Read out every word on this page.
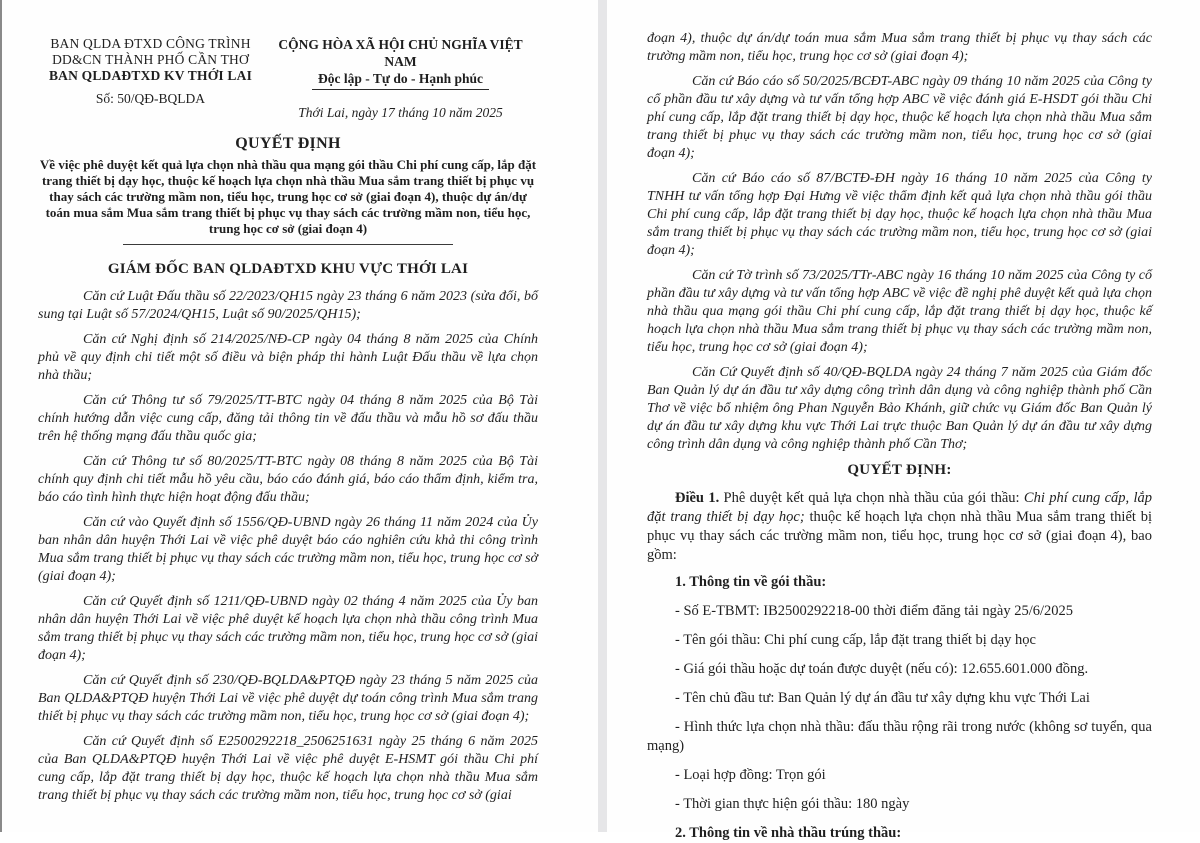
BAN QLDA ĐTXD CÔNG TRÌNH
DD&CN THÀNH PHỐ CẦN THƠ
BAN QLDAĐTXD KV THỚI LAI
Số: 50/QĐ-BQLDA
CỘNG HÒA XÃ HỘI CHỦ NGHĨA VIỆT NAM
Độc lập - Tự do - Hạnh phúc
Thới Lai, ngày 17 tháng 10 năm 2025
QUYẾT ĐỊNH
Về việc phê duyệt kết quả lựa chọn nhà thầu qua mạng gói thầu Chi phí cung cấp, lắp đặt trang thiết bị dạy học, thuộc kế hoạch lựa chọn nhà thầu Mua sắm trang thiết bị phục vụ thay sách các trường mầm non, tiểu học, trung học cơ sở (giai đoạn 4), thuộc dự án/dự toán mua sắm Mua sắm trang thiết bị phục vụ thay sách các trường mầm non, tiểu học, trung học cơ sở (giai đoạn 4)
GIÁM ĐỐC BAN QLDAĐTXD KHU VỰC THỚI LAI

Căn cứ Luật Đấu thầu số 22/2023/QH15 ngày 23 tháng 6 năm 2023 (sửa đổi, bổ sung tại Luật số 57/2024/QH15, Luật số 90/2025/QH15);

Căn cứ Nghị định số 214/2025/NĐ-CP ngày 04 tháng 8 năm 2025 của Chính phủ về quy định chi tiết một số điều và biện pháp thi hành Luật Đấu thầu về lựa chọn nhà thầu;

Căn cứ Thông tư số 79/2025/TT-BTC ngày 04 tháng 8 năm 2025 của Bộ Tài chính hướng dẫn việc cung cấp, đăng tải thông tin về đấu thầu và mẫu hồ sơ đấu thầu trên hệ thống mạng đấu thầu quốc gia;

Căn cứ Thông tư số 80/2025/TT-BTC ngày 08 tháng 8 năm 2025 của Bộ Tài chính quy định chi tiết mẫu hồ yêu cầu, báo cáo đánh giá, báo cáo thẩm định, kiểm tra, báo cáo tình hình thực hiện hoạt động đấu thầu;

Căn cứ vào Quyết định số 1556/QĐ-UBND ngày 26 tháng 11 năm 2024 của Ủy ban nhân dân huyện Thới Lai về việc phê duyệt báo cáo nghiên cứu khả thi công trình Mua sắm trang thiết bị phục vụ thay sách các trường mầm non, tiểu học, trung học cơ sở (giai đoạn 4);

Căn cứ Quyết định số 1211/QĐ-UBND ngày 02 tháng 4 năm 2025 của Ủy ban nhân dân huyện Thới Lai về việc phê duyệt kế hoạch lựa chọn nhà thầu công trình Mua sắm trang thiết bị phục vụ thay sách các trường mầm non, tiểu học, trung học cơ sở (giai đoạn 4);

Căn cứ Quyết định số 230/QĐ-BQLDA&PTQĐ ngày 23 tháng 5 năm 2025 của Ban QLDA&PTQĐ huyện Thới Lai về việc phê duyệt dự toán công trình Mua sắm trang thiết bị phục vụ thay sách các trường mầm non, tiểu học, trung học cơ sở (giai đoạn 4);

Căn cứ Quyết định số E2500292218_2506251631 ngày 25 tháng 6 năm 2025 của Ban QLDA&PTQĐ huyện Thới Lai về việc phê duyệt E-HSMT gói thầu Chi phí cung cấp, lắp đặt trang thiết bị dạy học, thuộc kế hoạch lựa chọn nhà thầu Mua sắm trang thiết bị phục vụ thay sách các trường mầm non, tiểu học, trung học cơ sở (giai

đoạn 4), thuộc dự án/dự toán mua sắm Mua sắm trang thiết bị phục vụ thay sách các trường mầm non, tiểu học, trung học cơ sở (giai đoạn 4);

Căn cứ Báo cáo số 50/2025/BCĐT-ABC ngày 09 tháng 10 năm 2025 của Công ty cổ phần đầu tư xây dựng và tư vấn tổng hợp ABC về việc đánh giá E-HSDT gói thầu Chi phí cung cấp, lắp đặt trang thiết bị dạy học, thuộc kế hoạch lựa chọn nhà thầu Mua sắm trang thiết bị phục vụ thay sách các trường mầm non, tiểu học, trung học cơ sở (giai đoạn 4);

Căn cứ Báo cáo số 87/BCTĐ-ĐH ngày 16 tháng 10 năm 2025 của Công ty TNHH tư vấn tổng hợp Đại Hưng về việc thẩm định kết quả lựa chọn nhà thầu gói thầu Chi phí cung cấp, lắp đặt trang thiết bị dạy học, thuộc kế hoạch lựa chọn nhà thầu Mua sắm trang thiết bị phục vụ thay sách các trường mầm non, tiểu học, trung học cơ sở (giai đoạn 4);

Căn cứ Tờ trình số 73/2025/TTr-ABC ngày 16 tháng 10 năm 2025 của Công ty cổ phần đầu tư xây dựng và tư vấn tổng hợp ABC về việc đề nghị phê duyệt kết quả lựa chọn nhà thầu qua mạng gói thầu Chi phí cung cấp, lắp đặt trang thiết bị dạy học, thuộc kế hoạch lựa chọn nhà thầu Mua sắm trang thiết bị phục vụ thay sách các trường mầm non, tiểu học, trung học cơ sở (giai đoạn 4);

Căn Cứ Quyết định số 40/QĐ-BQLDA ngày 24 tháng 7 năm 2025 của Giám đốc Ban Quản lý dự án đầu tư xây dựng công trình dân dụng và công nghiệp thành phố Cần Thơ về việc bổ nhiệm ông Phan Nguyễn Bảo Khánh, giữ chức vụ Giám đốc Ban Quản lý dự án đầu tư xây dựng khu vực Thới Lai trực thuộc Ban Quản lý dự án đầu tư xây dựng công trình dân dụng và công nghiệp thành phố Cần Thơ;

QUYẾT ĐỊNH:

Điều 1. Phê duyệt kết quả lựa chọn nhà thầu của gói thầu: Chi phí cung cấp, lắp đặt trang thiết bị dạy học; thuộc kế hoạch lựa chọn nhà thầu Mua sắm trang thiết bị phục vụ thay sách các trường mầm non, tiểu học, trung học cơ sở (giai đoạn 4), bao gồm:

1. Thông tin về gói thầu:

- Số E-TBMT: IB2500292218-00 thời điểm đăng tải ngày 25/6/2025

- Tên gói thầu: Chi phí cung cấp, lắp đặt trang thiết bị dạy học

- Giá gói thầu hoặc dự toán được duyệt (nếu có): 12.655.601.000 đồng.

- Tên chủ đầu tư: Ban Quản lý dự án đầu tư xây dựng khu vực Thới Lai

- Hình thức lựa chọn nhà thầu: đấu thầu rộng rãi trong nước (không sơ tuyển, qua mạng)

- Loại hợp đồng: Trọn gói

- Thời gian thực hiện gói thầu: 180 ngày

2. Thông tin về nhà thầu trúng thầu:
